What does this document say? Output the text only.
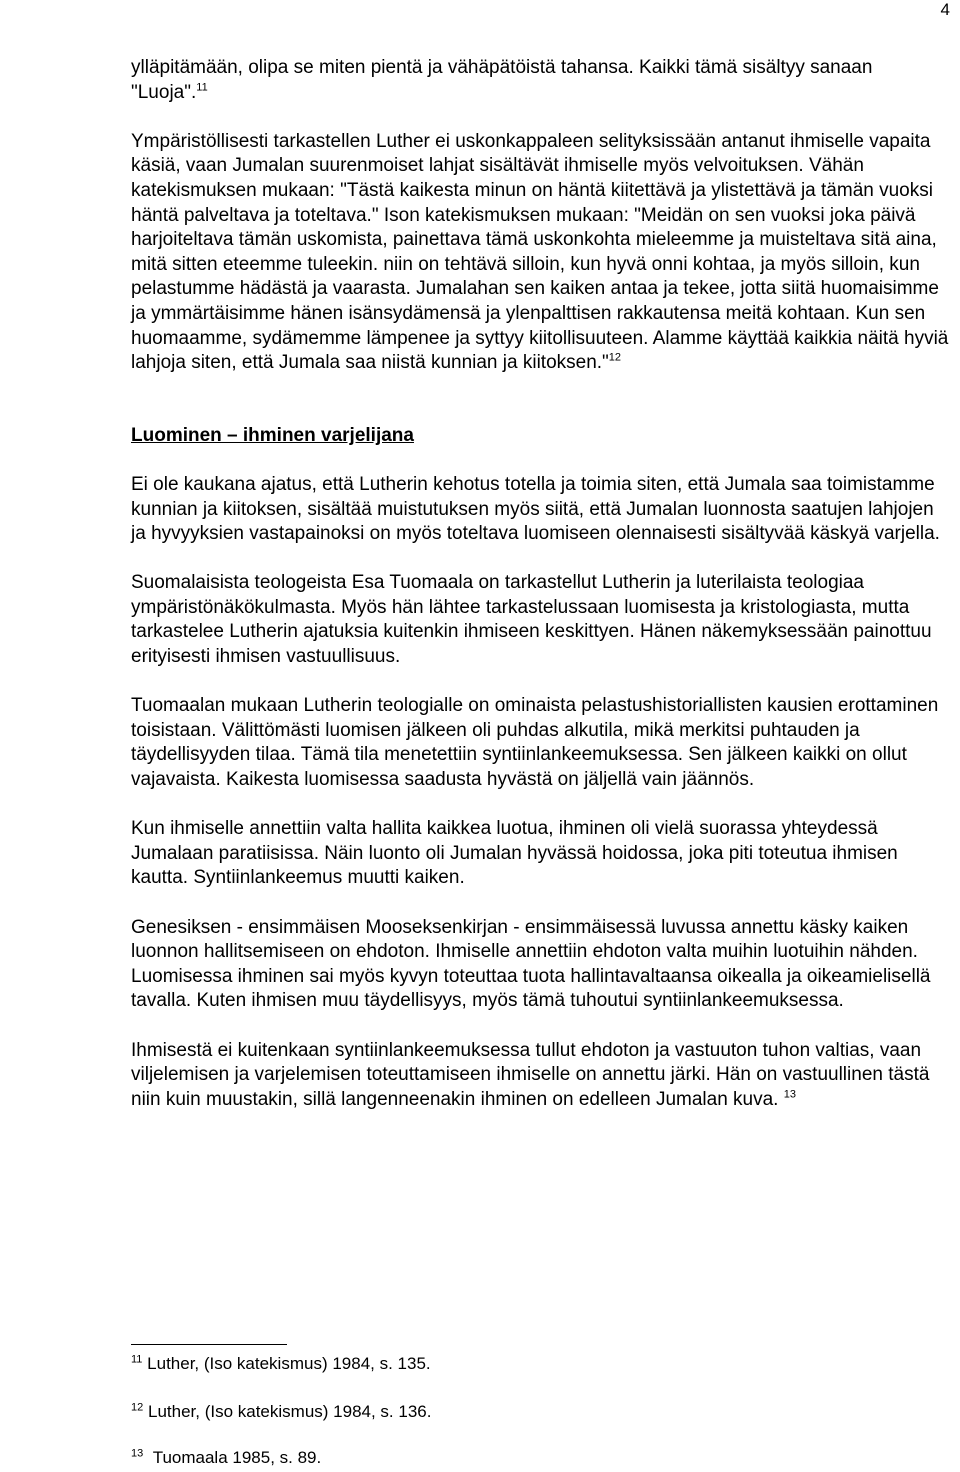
4

ylläpitämään, olipa se miten pientä ja vähäpätöistä tahansa. Kaikki tämä sisältyy sanaan "Luoja".$^{11}$

Ympäristöllisesti tarkastellen Luther ei uskonkappaleen selityksissään antanut ihmiselle vapaita käsiä, vaan Jumalan suurenmoiset lahjat sisältävät ihmiselle myös velvoituksen. Vähän katekismuksen mukaan: "Tästä kaikesta minun on häntä kiitettävä ja ylistettävä ja tämän vuoksi häntä palveltava ja toteltava." Ison katekismuksen mukaan: "Meidän on sen vuoksi joka päivä harjoiteltava tämän uskomista, painettava tämä uskonkohta mieleemme ja muisteltava sitä aina, mitä sitten eteemme tuleekin. niin on tehtävä silloin, kun hyvä onni kohtaa, ja myös silloin, kun pelastumme hädästä ja vaarasta. Jumalahan sen kaiken antaa ja tekee, jotta siitä huomaisimme ja ymmärtäisimme hänen isänsydämensä ja ylenpalttisen rakkautensa meitä kohtaan. Kun sen huomaamme, sydämemme lämpenee ja syttyy kiitollisuuteen. Alamme käyttää kaikkia näitä hyviä lahjoja siten, että Jumala saa niistä kunnian ja kiitoksen."$^{12}$

Luominen – ihminen varjelijana

Ei ole kaukana ajatus, että Lutherin kehotus totella ja toimia siten, että Jumala saa toimistamme kunnian ja kiitoksen, sisältää muistutuksen myös siitä, että Jumalan luonnosta saatujen lahjojen ja hyvyyksien vastapainoksi on myös toteltava luomiseen olennaisesti sisältyvää käskyä varjella.

Suomalaisista teologeista Esa Tuomaala on tarkastellut Lutherin ja luterilaista teologiaa ympäristönäkökulmasta. Myös hän lähtee tarkastelussaan luomisesta ja kristologiasta, mutta tarkastelee Lutherin ajatuksia kuitenkin ihmiseen keskittyen. Hänen näkemyksessään painottuu erityisesti ihmisen vastuullisuus.

Tuomaalan mukaan Lutherin teologialle on ominaista pelastushistoriallisten kausien erottaminen toisistaan. Välittömästi luomisen jälkeen oli puhdas alkutila, mikä merkitsi puhtauden ja täydellisyyden tilaa. Tämä tila menetettiin syntiinlankeemuksessa. Sen jälkeen kaikki on ollut vajavaista. Kaikesta luomisessa saadusta hyvästä on jäljellä vain jäännös.

Kun ihmiselle annettiin valta hallita kaikkea luotua, ihminen oli vielä suorassa yhteydessä Jumalaan paratiisissa. Näin luonto oli Jumalan hyvässä hoidossa, joka piti toteutua ihmisen kautta. Syntiinlankeemus muutti kaiken.

Genesiksen - ensimmäisen Mooseksenkirjan - ensimmäisessä luvussa annettu käsky kaiken luonnon hallitsemiseen on ehdoton. Ihmiselle annettiin ehdoton valta muihin luotuihin nähden. Luomisessa ihminen sai myös kyvyn toteuttaa tuota hallintavaltaansa oikealla ja oikeamielisellä tavalla. Kuten ihmisen muu täydellisyys, myös tämä tuhoutui syntiinlankeemuksessa.

Ihmisestä ei kuitenkaan syntiinlankeemuksessa tullut ehdoton ja vastuuton tuhon valtias, vaan viljelemisen ja varjelemisen toteuttamiseen ihmiselle on annettu järki. Hän on vastuullinen tästä niin kuin muustakin, sillä langenneenakin ihminen on edelleen Jumalan kuva. $^{13}$

$^{11}$ Luther, (Iso katekismus) 1984, s. 135.
$^{12}$ Luther, (Iso katekismus) 1984, s. 136.
$^{13}$ Tuomaala 1985, s. 89.
